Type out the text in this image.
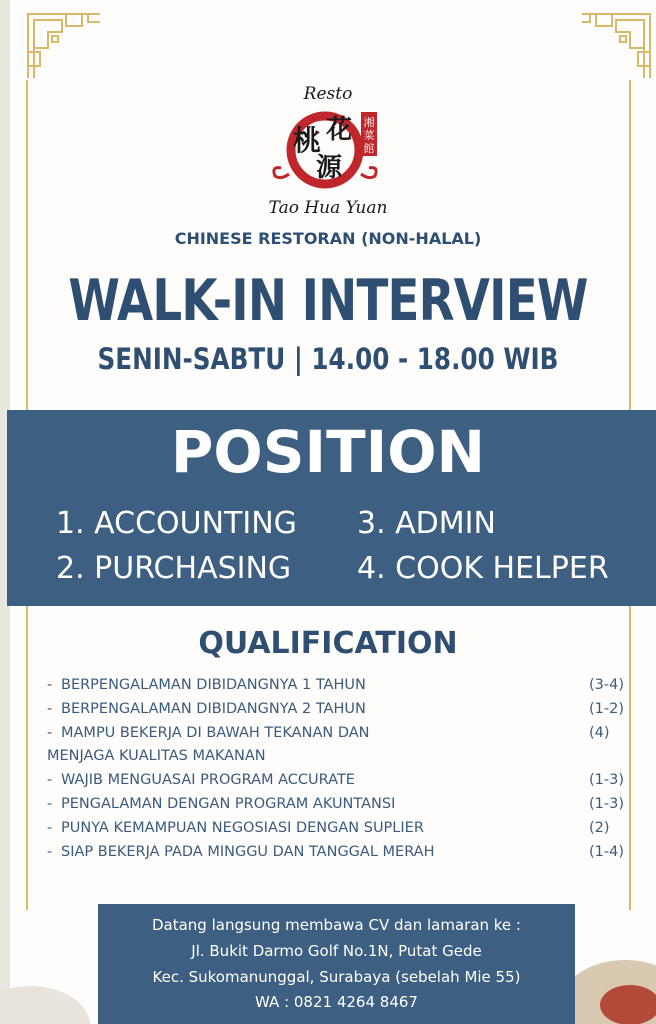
Resto
湘
菜
館
桃 花
源
Tao Hua Yuan
CHINESE RESTORAN (NON-HALAL)
WALK-IN INTERVIEW
SENIN-SABTU | 14.00 - 18.00 WIB
POSITION
1. ACCOUNTING 3. ADMIN
2. PURCHASING 4. COOK HELPER
QUALIFICATION
- BERPENGALAMAN DIBIDANGNYA 1 TAHUN	(3-4)
- BERPENGALAMAN DIBIDANGNYA 2 TAHUN	(1-2)
- MAMPU BEKERJA DI BAWAH TEKANAN DAN	(4)
MENJAGA KUALITAS MAKANAN
- WAJIB MENGUASAI PROGRAM ACCURATE	(1-3)
- PENGALAMAN DENGAN PROGRAM AKUNTANSI	(1-3)
- PUNYA KEMAMPUAN NEGOSIASI DENGAN SUPLIER	(2)
- SIAP BEKERJA PADA MINGGU DAN TANGGAL MERAH	(1-4)
Datang langsung membawa CV dan lamaran ke :
Jl. Bukit Darmo Golf No.1N, Putat Gede
Kec. Sukomanunggal, Surabaya (sebelah Mie 55)
WA : 0821 4264 8467
